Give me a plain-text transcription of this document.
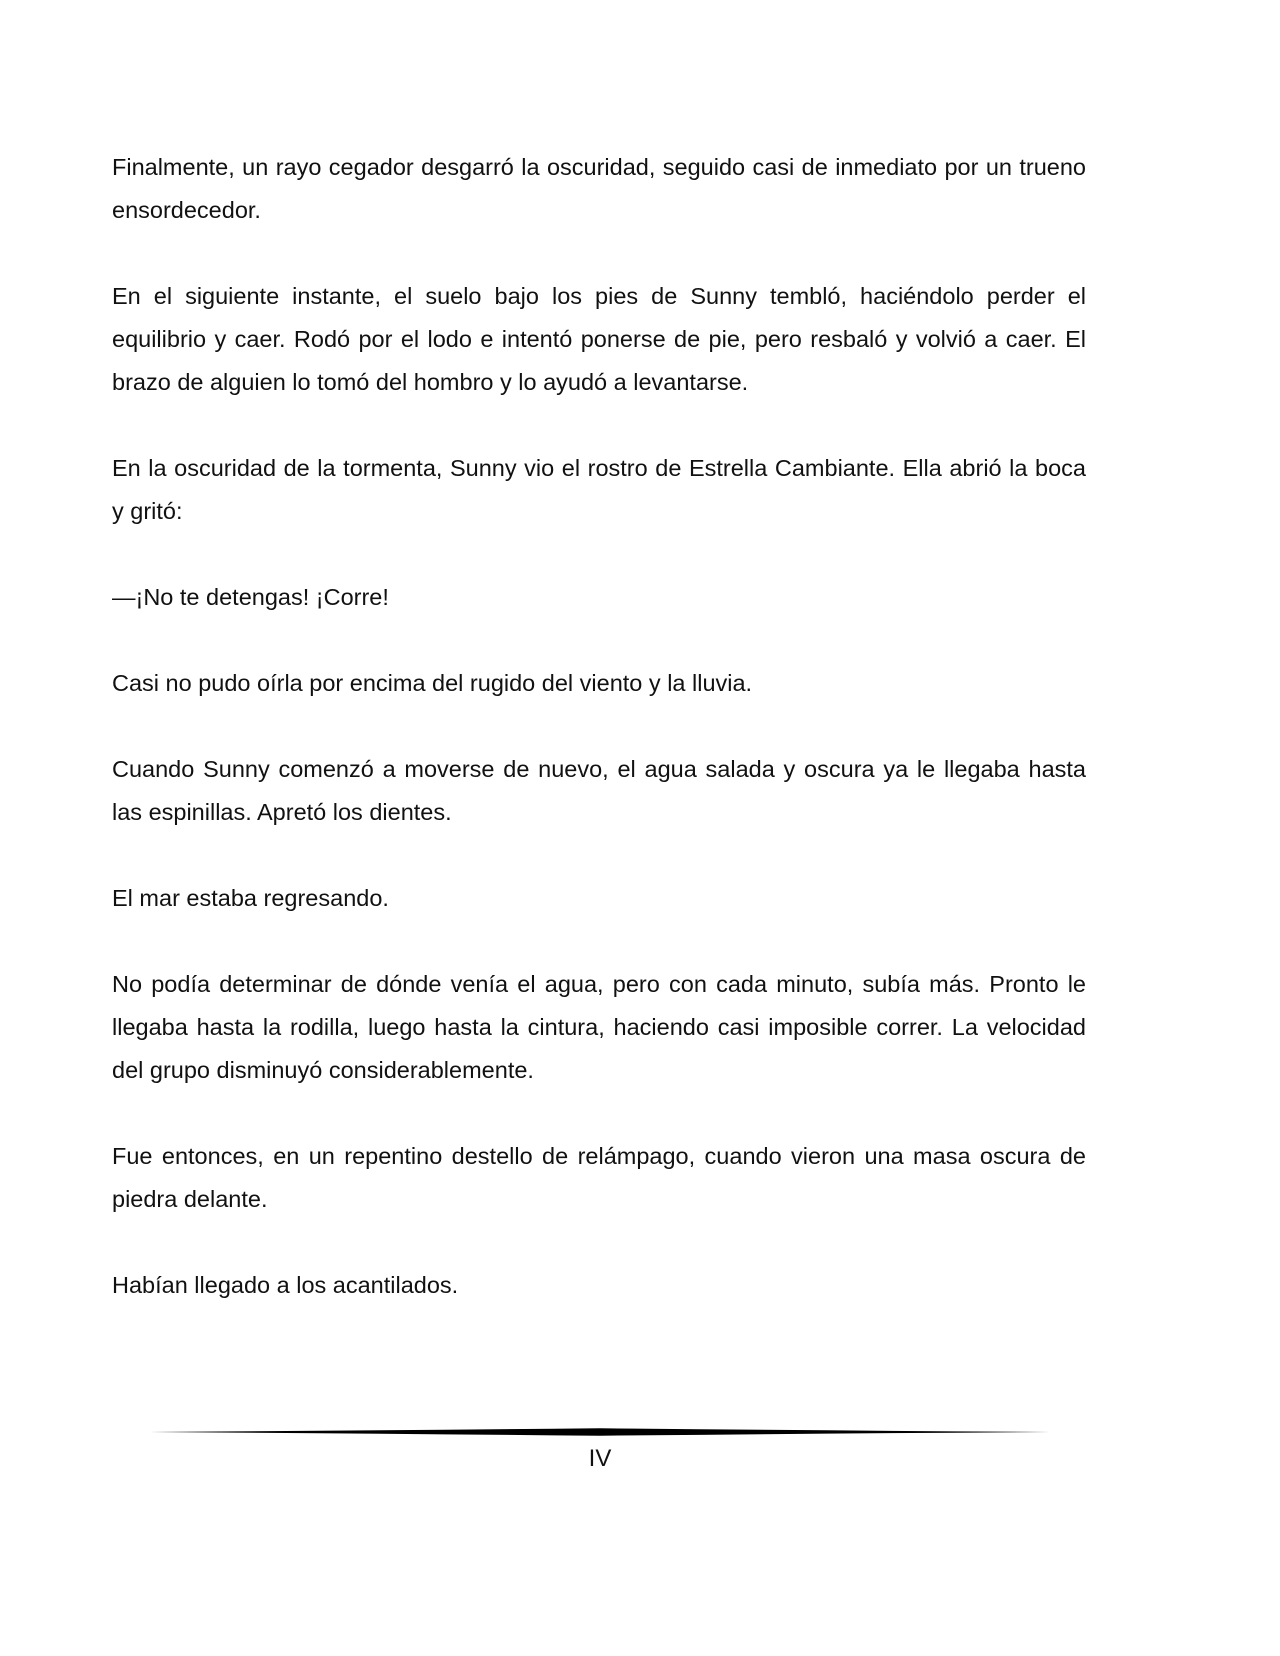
Finalmente, un rayo cegador desgarró la oscuridad, seguido casi de inmediato por un trueno ensordecedor.

En el siguiente instante, el suelo bajo los pies de Sunny tembló, haciéndolo perder el equilibrio y caer. Rodó por el lodo e intentó ponerse de pie, pero resbaló y volvió a caer. El brazo de alguien lo tomó del hombro y lo ayudó a levantarse.

En la oscuridad de la tormenta, Sunny vio el rostro de Estrella Cambiante. Ella abrió la boca y gritó:

—¡No te detengas! ¡Corre!

Casi no pudo oírla por encima del rugido del viento y la lluvia.

Cuando Sunny comenzó a moverse de nuevo, el agua salada y oscura ya le llegaba hasta las espinillas. Apretó los dientes.

El mar estaba regresando.

No podía determinar de dónde venía el agua, pero con cada minuto, subía más. Pronto le llegaba hasta la rodilla, luego hasta la cintura, haciendo casi imposible correr. La velocidad del grupo disminuyó considerablemente.

Fue entonces, en un repentino destello de relámpago, cuando vieron una masa oscura de piedra delante.

Habían llegado a los acantilados.

IV
